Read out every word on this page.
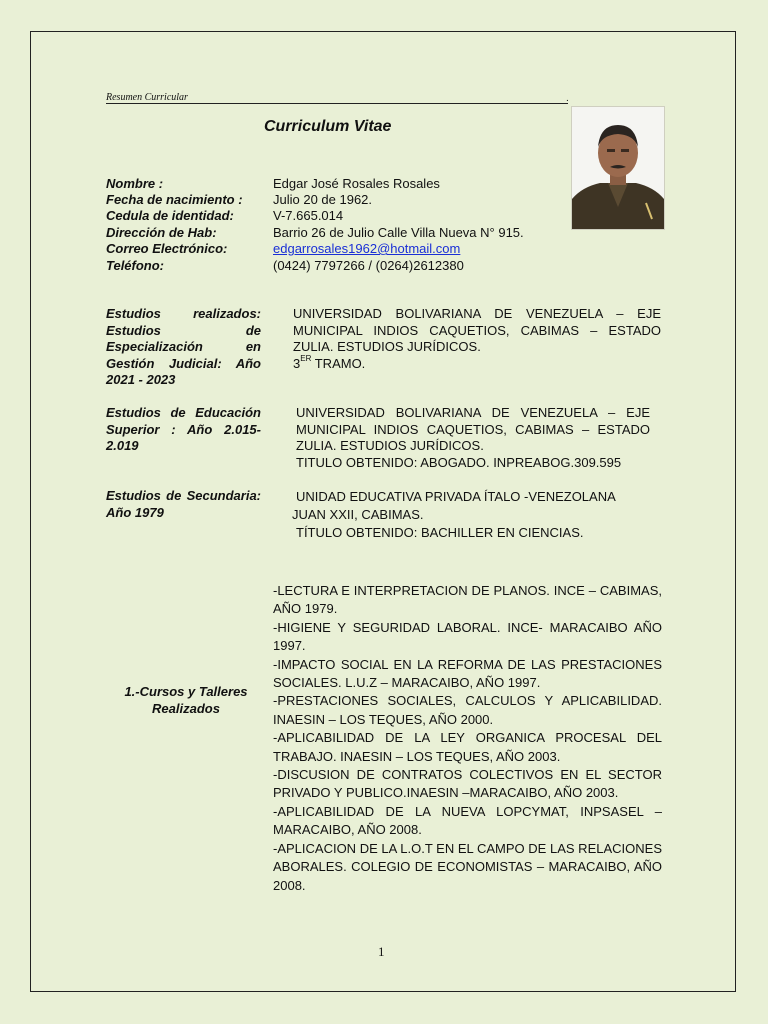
Resumen Curricular	.
Curriculum Vitae
Nombre :	Edgar José Rosales Rosales
Fecha de nacimiento : Julio 20 de 1962.
Cedula de identidad:	V-7.665.014
Dirección de Hab:	Barrio 26 de Julio Calle Villa Nueva N° 915.
Correo Electrónico:	edgarrosales1962@hotmail.com
Teléfono:	(0424) 7797266 / (0264)2612380
Estudios realizados: Estudios de Especialización en Gestión Judicial: Año 2021 - 2023
UNIVERSIDAD BOLIVARIANA DE VENEZUELA – EJE MUNICIPAL INDIOS CAQUETIOS, CABIMAS – ESTADO ZULIA. ESTUDIOS JURÍDICOS.
3ER TRAMO.
Estudios de Educación Superior : Año 2.015-2.019
UNIVERSIDAD BOLIVARIANA DE VENEZUELA – EJE MUNICIPAL INDIOS CAQUETIOS, CABIMAS – ESTADO ZULIA. ESTUDIOS JURÍDICOS.
TITULO OBTENIDO: ABOGADO. INPREABOG.309.595
Estudios de Secundaria: Año 1979
UNIDAD EDUCATIVA PRIVADA ÍTALO -VENEZOLANA
JUAN XXII, CABIMAS.
TÍTULO OBTENIDO: BACHILLER EN CIENCIAS.
1.-Cursos y Talleres Realizados

-LECTURA E INTERPRETACION DE PLANOS. INCE – CABIMAS, AÑO 1979.

-HIGIENE Y SEGURIDAD LABORAL. INCE- MARACAIBO AÑO 1997.

-IMPACTO SOCIAL EN LA REFORMA DE LAS PRESTACIONES SOCIALES. L.U.Z – MARACAIBO, AÑO 1997.

-PRESTACIONES SOCIALES, CALCULOS Y APLICABILIDAD. INAESIN – LOS TEQUES, AÑO 2000.

-APLICABILIDAD DE LA LEY ORGANICA PROCESAL DEL TRABAJO. INAESIN – LOS TEQUES, AÑO 2003.

-DISCUSION DE CONTRATOS COLECTIVOS EN EL SECTOR PRIVADO Y PUBLICO.INAESIN –MARACAIBO, AÑO 2003.

-APLICABILIDAD DE LA NUEVA LOPCYMAT, INPSASEL – MARACAIBO, AÑO 2008.

-APLICACION DE LA L.O.T EN EL CAMPO DE LAS RELACIONES ABORALES. COLEGIO DE ECONOMISTAS – MARACAIBO, AÑO 2008.

1
